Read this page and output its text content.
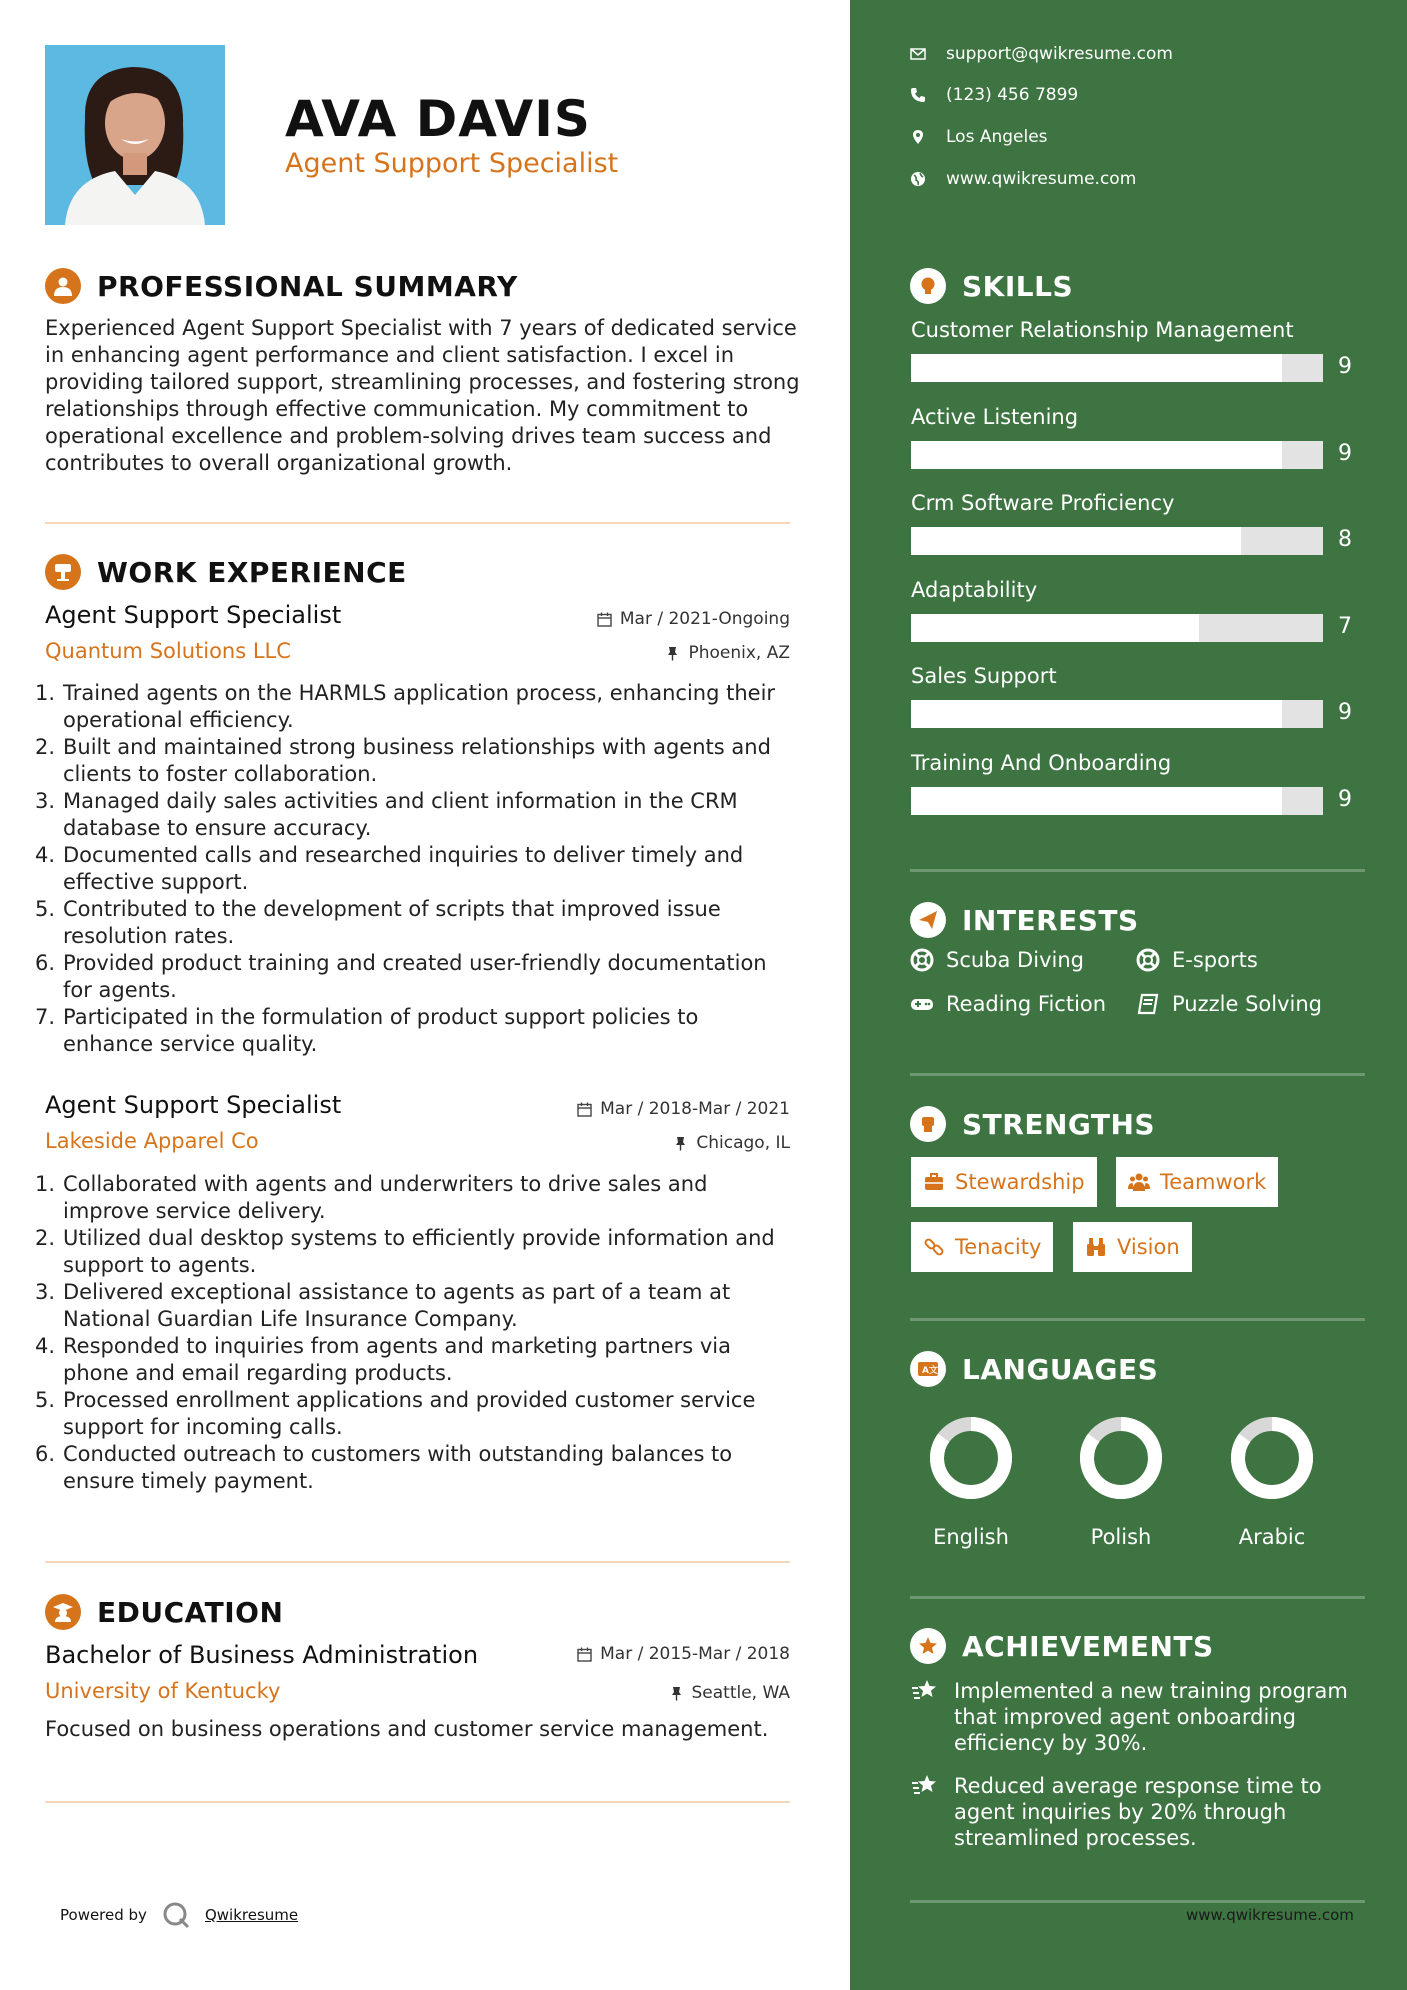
AVA DAVIS
Agent Support Specialist
PROFESSIONAL SUMMARY

Experienced Agent Support Specialist with 7 years of dedicated service in enhancing agent performance and client satisfaction. I excel in providing tailored support, streamlining processes, and fostering strong relationships through effective communication. My commitment to operational excellence and problem-solving drives team success and contributes to overall organizational growth.

WORK EXPERIENCE
Agent Support Specialist	Mar / 2021-Ongoing
Quantum Solutions LLC	Phoenix, AZ
1. Trained agents on the HARMLS application process, enhancing their operational efficiency.
2. Built and maintained strong business relationships with agents and clients to foster collaboration.
3. Managed daily sales activities and client information in the CRM database to ensure accuracy.
4. Documented calls and researched inquiries to deliver timely and effective support.
5. Contributed to the development of scripts that improved issue resolution rates.
6. Provided product training and created user-friendly documentation for agents.
7. Participated in the formulation of product support policies to enhance service quality.
Agent Support Specialist	Mar / 2018-Mar / 2021
Lakeside Apparel Co	Chicago, IL
1. Collaborated with agents and underwriters to drive sales and improve service delivery.
2. Utilized dual desktop systems to efficiently provide information and support to agents.
3. Delivered exceptional assistance to agents as part of a team at National Guardian Life Insurance Company.
4. Responded to inquiries from agents and marketing partners via phone and email regarding products.
5. Processed enrollment applications and provided customer service support for incoming calls.
6. Conducted outreach to customers with outstanding balances to ensure timely payment.
EDUCATION
Bachelor of Business Administration	Mar / 2015-Mar / 2018
University of Kentucky	Seattle, WA
Focused on business operations and customer service management.
Powered by	Qwikresume
support@qwikresume.com
(123) 456 7899
Los Angeles
www.qwikresume.com
SKILLS
Customer Relationship Management
9
Active Listening
9
Crm Software Proficiency
8
Adaptability
7
Sales Support
9
Training And Onboarding
9
INTERESTS
Scuba Diving	E-sports
Reading Fiction	Puzzle Solving
STRENGTHS
Stewardship	Teamwork
Tenacity	Vision
A 文 LANGUAGES
English	Polish	Arabic
ACHIEVEMENTS
Implemented a new training program that improved agent onboarding efficiency by 30%.
Reduced average response time to agent inquiries by 20% through streamlined processes.
www.qwikresume.com
